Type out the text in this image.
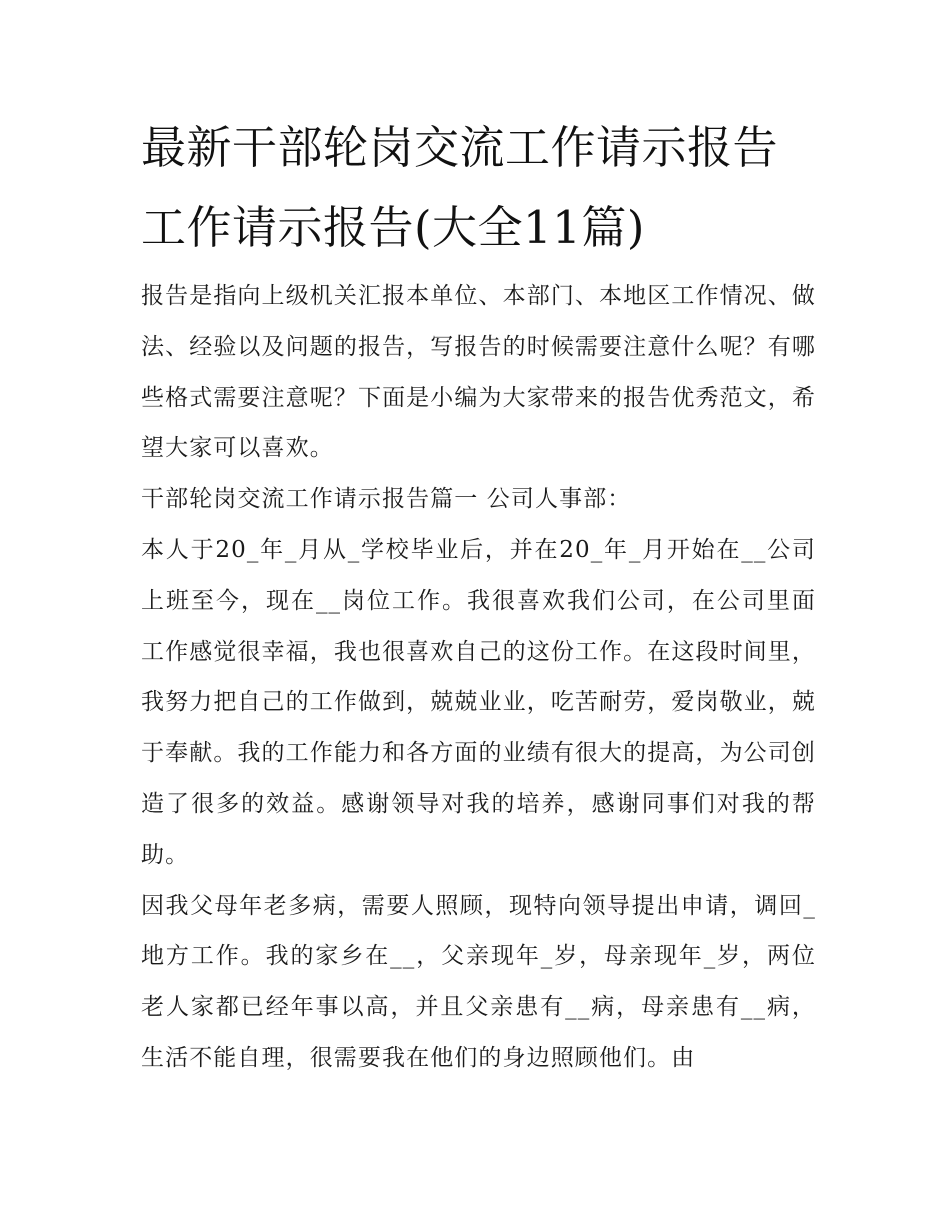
最新干部轮岗交流工作请示报告 工作请示报告(大全11篇)

报告是指向上级机关汇报本单位、本部门、本地区工作情况、做法、经验以及问题的报告，写报告的时候需要注意什么呢？有哪些格式需要注意呢？下面是小编为大家带来的报告优秀范文，希望大家可以喜欢。

干部轮岗交流工作请示报告篇一 公司人事部：

本人于20_年_月从_学校毕业后，并在20_年_月开始在__公司上班至今，现在__岗位工作。我很喜欢我们公司，在公司里面工作感觉很幸福，我也很喜欢自己的这份工作。在这段时间里，我努力把自己的工作做到，兢兢业业，吃苦耐劳，爱岗敬业，兢于奉献。我的工作能力和各方面的业绩有很大的提高，为公司创造了很多的效益。感谢领导对我的培养，感谢同事们对我的帮助。

因我父母年老多病，需要人照顾，现特向领导提出申请，调回_地方工作。我的家乡在__，父亲现年_岁，母亲现年_岁，两位老人家都已经年事以高，并且父亲患有__病，母亲患有__病，生活不能自理，很需要我在他们的身边照顾他们。由
